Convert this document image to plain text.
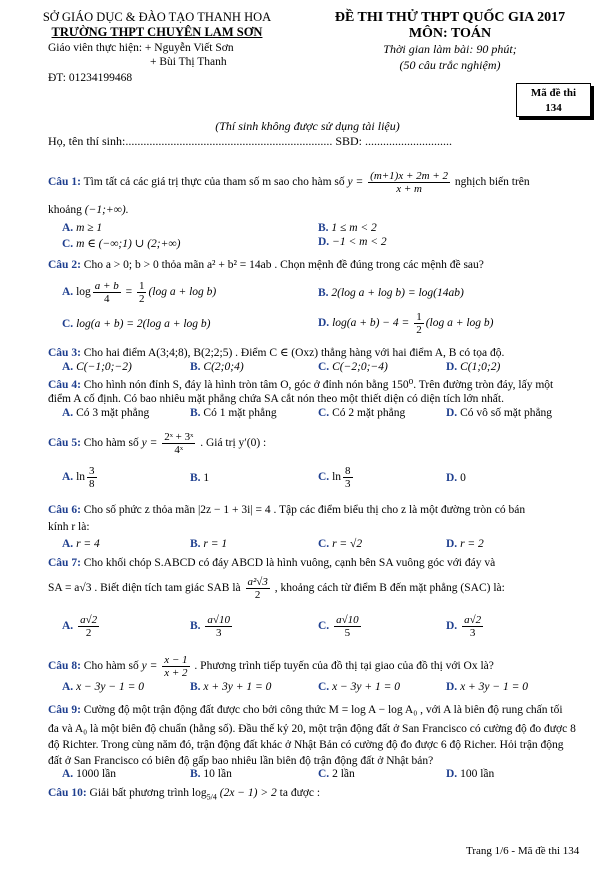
SỞ GIÁO DỤC & ĐÀO TẠO THANH HOA
TRƯỜNG THPT CHUYÊN LAM SƠN
Giáo viên thực hiện: + Nguyễn Viết Sơn
+ Bùi Thị Thanh
ĐT: 01234199468
ĐỀ THI THỬ THPT QUỐC GIA 2017
MÔN: TOÁN
Thời gian làm bài: 90 phút;
(50 câu trắc nghiệm)
Mã đề thi
134
(Thí sinh không được sử dụng tài liệu)
Họ, tên thí sinh:..................................................................... SBD: .............................
Câu 1: Tìm tất cả các giá trị thực của tham số m sao cho hàm số $y = \frac{(m+1)x + 2m + 2}{x + m}$ nghịch biến trên
khoảng (−1;+∞).
A. m ≥ 1	B. 1 ≤ m < 2
C. m ∈ (−∞;1) ∪ (2;+∞)	D. −1 < m < 2
Câu 2: Cho a > 0; b > 0 thỏa mãn a² + b² = 14ab . Chọn mệnh đề đúng trong các mệnh đề sau?
A. $\log \frac{a + b}{4} = \frac{1}{2} (\log$ a + log b)	B. 2(log a + log b) = log(14ab)
C. log(a + b) = 2(log a + log b)	D. $\log(a + b) - 4 = \frac{1}{2} (\log$ a + log b)
Câu 3: Cho hai điểm A(3;4;8), B(2;2;5) . Điểm C ∈ (Oxz) thẳng hàng với hai điểm A, B có tọa độ.
A. C(−1;0;−2)	B. C(2;0;4)	C. C(−2;0;−4)	D. C(1;0;2)
Câu 4: Cho hình nón đỉnh S, đáy là hình tròn tâm O, góc ở đỉnh nón bằng 150⁰. Trên đường tròn đáy, lấy một
điểm A cố định. Có bao nhiêu mặt phẳng chứa SA cắt nón theo một thiết diện có diện tích lớn nhất.
A. Có 3 mặt phẳng	B. Có 1 mặt phẳng	C. Có 2 mặt phẳng	D. Có vô số mặt phẳng
Câu 5: Cho hàm số $y = \frac{\text{2ˣ + 3ˣ}}{\text{4ˣ}}$ . Giá trị y′(0) :
A. $\ln \frac{3}{8}$	B. 1	C. $\ln \frac{8}{3}$	D. 0
Câu 6: Cho số phức z thỏa mãn |2z − 1 + 3i| = 4 . Tập các điểm biểu thị cho z là một đường tròn có bán
kính r là:
A. r = 4	B. r = 1	C. r = √2	D. r = 2
Câu 7: Cho khối chóp S.ABCD có đáy ABCD là hình vuông, cạnh bên SA vuông góc với đáy và
SA = a√3 . Biết diện tích tam giác SAB là $\frac{\text{a²√3}}{2}$ , khoảng cách từ điểm B đến mặt phẳng (SAC) là:
A. $\frac{a√2}{2}$	B. $\frac{a√10}{3}$	C. $\frac{a√10}{5}$	D. $\frac{a√2}{3}$
Câu 8: Cho hàm số $y = \frac{x - 1}{x + 2}$ . Phương trình tiếp tuyến của đồ thị tại giao của đồ thị với Ox là?
A. x − 3y − 1 = 0	B. x + 3y + 1 = 0	C. x − 3y + 1 = 0	D. x + 3y − 1 = 0
Câu 9: Cường độ một trận động đất được cho bởi công thức M = log A − log A₀ , với A là biên độ rung chấn tối
đa và A₀ là một biên độ chuẩn (hằng số). Đầu thế kỷ 20, một trận động đất ở San Francisco có cường độ đo được 8
độ Richter. Trong cùng năm đó, trận động đất khác ở Nhật Bản có cường độ đo được 6 độ Richer. Hỏi trận động
đất ở San Francisco có biên độ gấp bao nhiêu lần biên độ trận động đất ở Nhật bản?
A. 1000 lần	B. 10 lần	C. 2 lần	D. 100 lần
Câu 10: Giải bất phương trình $\log_{5/4} (2x - 1) > 2$ ta được :
Trang 1/6 - Mã đề thi 134
